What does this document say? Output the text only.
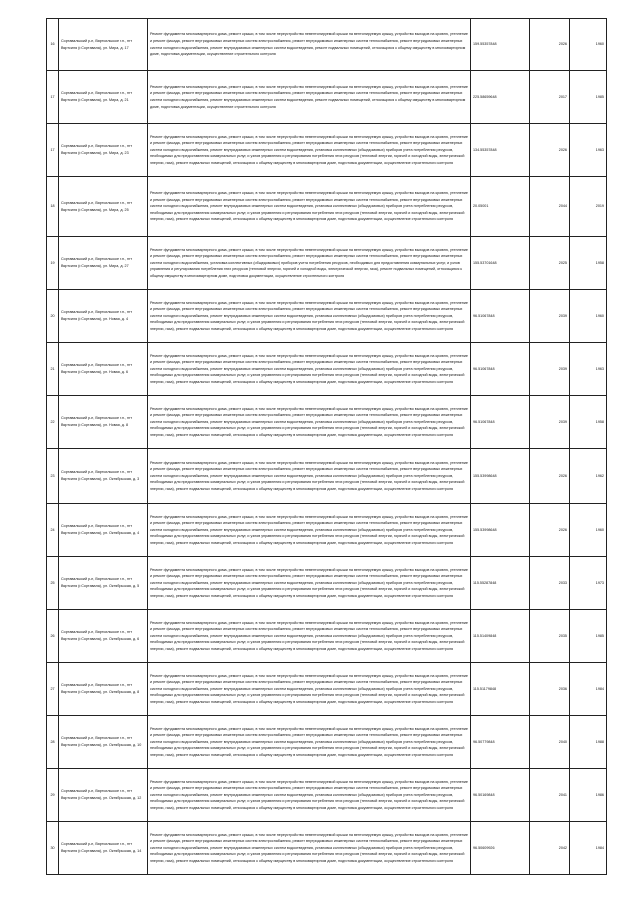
16	Сортавальский р-н, Вяртсильское г.п., пгт Вяртсиля (г.Сортавала), ул. Мира, д. 17	Ремонт фундамента многоквартирного дома, ремонт крыши, в том числе переустройство невентилируемой крыши на вентилируемую крышу, устройство выходов на кровлю, утепление и ремонт фасада, ремонт внутридомовых инженерных систем электроснабжения, ремонт внутридомовых инженерных систем теплоснабжения, ремонт внутридомовых инженерных систем холодного водоснабжения, ремонт внутридомовых инженерных систем водоотведения, ремонт подвальных помещений, относящихся к общему имуществу в многоквартирном доме, подготовка документации, осуществление строительного контроля	159.55357848	2026	1960
17	Сортавальский р-н, Вяртсильское г.п., пгт Вяртсиля (г.Сортавала), ул. Мира, д. 21	Ремонт фундамента многоквартирного дома, ремонт крыши, в том числе переустройство невентилируемой крыши на вентилируемую крышу, устройство выходов на кровлю, утепление и ремонт фасада, ремонт внутридомовых инженерных систем электроснабжения, ремонт внутридомовых инженерных систем теплоснабжения, ремонт внутридомовых инженерных систем холодного водоснабжения, ремонт внутридомовых инженерных систем водоотведения, ремонт подвальных помещений, относящихся к общему имуществу в многоквартирном доме, подготовка документации, осуществление строительного контроля	225.58659648	2017	1985
17	Сортавальский р-н, Вяртсильское г.п., пгт Вяртсиля (г.Сортавала), ул. Мира, д. 23	Ремонт фундамента многоквартирного дома, ремонт крыши, в том числе переустройство невентилируемой крыши на вентилируемую крышу, устройство выходов на кровлю, утепление и ремонт фасада, ремонт внутридомовых инженерных систем электроснабжения, ремонт внутридомовых инженерных систем теплоснабжения, ремонт внутридомовых инженерных систем холодного водоснабжения, ремонт внутридомовых инженерных систем водоотведения, установка коллективных (общедомовых) приборов учета потребления ресурсов, необходимых для предоставления коммунальных услуг, и узлов управления и регулирования потребления этих ресурсов (тепловой энергии, горячей и холодной воды, электрической энергии, газа), ремонт подвальных помещений, относящихся к общему имуществу в многоквартирном доме, подготовка документации, осуществление строительного контроля	134.55357848	2026	1963
18	Сортавальский р-н, Вяртсильское г.п., пгт Вяртсиля (г.Сортавала), ул. Мира, д. 25	Ремонт фундамента многоквартирного дома, ремонт крыши, в том числе переустройство невентилируемой крыши на вентилируемую крышу, устройство выходов на кровлю, утепление и ремонт фасада, ремонт внутридомовых инженерных систем электроснабжения, ремонт внутридомовых инженерных систем теплоснабжения, ремонт внутридомовых инженерных систем холодного водоснабжения, ремонт внутридомовых инженерных систем водоотведения, установка коллективных (общедомовых) приборов учета потребления ресурсов, необходимых для предоставления коммунальных услуг, и узлов управления и регулирования потребления этих ресурсов (тепловой энергии, горячей и холодной воды, электрической энергии, газа), ремонт подвальных помещений, относящихся к общему имуществу в многоквартирном доме, подготовка документации, осуществление строительного контроля	20.05001	2044	2019
19	Сортавальский р-н, Вяртсильское г.п., пгт Вяртсиля (г.Сортавала), ул. Мира, д. 27	Ремонт фундамента многоквартирного дома, ремонт крыши, в том числе переустройство невентилируемой крыши на вентилируемую крышу, устройство выходов на кровлю, утепление и ремонт фасада, ремонт внутридомовых инженерных систем электроснабжения, ремонт внутридомовых инженерных систем теплоснабжения, ремонт внутридомовых инженерных систем холодного водоснабжения, установка коллективных (общедомовых) приборов учета потребления ресурсов, необходимых для предоставления коммунальных услуг, и узлов управления и регулирования потребления этих ресурсов (тепловой энергии, горячей и холодной воды, электрической энергии, газа), ремонт подвальных помещений, относящихся к общему имуществу в многоквартирном доме, подготовка документации, осуществление строительного контроля	155.53701648	2025	1958
20	Сортавальский р-н, Вяртсильское г.п., пгт Вяртсиля (г.Сортавала), ул. Новая, д. 4	Ремонт фундамента многоквартирного дома, ремонт крыши, в том числе переустройство невентилируемой крыши на вентилируемую крышу, устройство выходов на кровлю, утепление и ремонт фасада, ремонт внутридомовых инженерных систем электроснабжения, ремонт внутридомовых инженерных систем теплоснабжения, ремонт внутридомовых инженерных систем холодного водоснабжения, ремонт внутридомовых инженерных систем водоотведения, установка коллективных (общедомовых) приборов учета потребления ресурсов, необходимых для предоставления коммунальных услуг, и узлов управления и регулирования потребления этих ресурсов (тепловой энергии, горячей и холодной воды, электрической энергии, газа), ремонт подвальных помещений, относящихся к общему имуществу в многоквартирном доме, подготовка документации, осуществление строительного контроля	96.51067848	2039	1960
21	Сортавальский р-н, Вяртсильское г.п., пгт Вяртсиля (г.Сортавала), ул. Новая, д. 6	Ремонт фундамента многоквартирного дома, ремонт крыши, в том числе переустройство невентилируемой крыши на вентилируемую крышу, устройство выходов на кровлю, утепление и ремонт фасада, ремонт внутридомовых инженерных систем электроснабжения, ремонт внутридомовых инженерных систем теплоснабжения, ремонт внутридомовых инженерных систем холодного водоснабжения, ремонт внутридомовых инженерных систем водоотведения, установка коллективных (общедомовых) приборов учета потребления ресурсов, необходимых для предоставления коммунальных услуг, и узлов управления и регулирования потребления этих ресурсов (тепловой энергии, горячей и холодной воды, электрической энергии, газа), ремонт подвальных помещений, относящихся к общему имуществу в многоквартирном доме, подготовка документации, осуществление строительного контроля	96.51067848	2039	1963
22	Сортавальский р-н, Вяртсильское г.п., пгт Вяртсиля (г.Сортавала), ул. Новая, д. 8	Ремонт фундамента многоквартирного дома, ремонт крыши, в том числе переустройство невентилируемой крыши на вентилируемую крышу, устройство выходов на кровлю, утепление и ремонт фасада, ремонт внутридомовых инженерных систем электроснабжения, ремонт внутридомовых инженерных систем теплоснабжения, ремонт внутридомовых инженерных систем холодного водоснабжения, ремонт внутридомовых инженерных систем водоотведения, установка коллективных (общедомовых) приборов учета потребления ресурсов, необходимых для предоставления коммунальных услуг, и узлов управления и регулирования потребления этих ресурсов (тепловой энергии, горячей и холодной воды, электрической энергии, газа), ремонт подвальных помещений, относящихся к общему имуществу в многоквартирном доме, подготовка документации, осуществление строительного контроля	96.51067848	2039	1958
23	Сортавальский р-н, Вяртсильское г.п., пгт Вяртсиля (г.Сортавала), ул. Октябрьская, д. 3	Ремонт фундамента многоквартирного дома, ремонт крыши, в том числе переустройство невентилируемой крыши на вентилируемую крышу, устройство выходов на кровлю, утепление и ремонт фасада, ремонт внутридомовых инженерных систем электроснабжения, ремонт внутридомовых инженерных систем теплоснабжения, ремонт внутридомовых инженерных систем холодного водоснабжения, ремонт внутридомовых инженерных систем водоотведения, установка коллективных (общедомовых) приборов учета потребления ресурсов, необходимых для предоставления коммунальных услуг, и узлов управления и регулирования потребления этих ресурсов (тепловой энергии, горячей и холодной воды, электрической энергии, газа), ремонт подвальных помещений, относящихся к общему имуществу в многоквартирном доме, подготовка документации, осуществление строительного контроля	155.53998648	2026	1962
24	Сортавальский р-н, Вяртсильское г.п., пгт Вяртсиля (г.Сортавала), ул. Октябрьская, д. 4	Ремонт фундамента многоквартирного дома, ремонт крыши, в том числе переустройство невентилируемой крыши на вентилируемую крышу, устройство выходов на кровлю, утепление и ремонт фасада, ремонт внутридомовых инженерных систем электроснабжения, ремонт внутридомовых инженерных систем теплоснабжения, ремонт внутридомовых инженерных систем холодного водоснабжения, ремонт внутридомовых инженерных систем водоотведения, установка коллективных (общедомовых) приборов учета потребления ресурсов, необходимых для предоставления коммунальных услуг, и узлов управления и регулирования потребления этих ресурсов (тепловой энергии, горячей и холодной воды, электрической энергии, газа), ремонт подвальных помещений, относящихся к общему имуществу в многоквартирном доме, подготовка документации, осуществление строительного контроля	155.53998648	2026	1960
25	Сортавальский р-н, Вяртсильское г.п., пгт Вяртсиля (г.Сортавала), ул. Октябрьская, д. 5	Ремонт фундамента многоквартирного дома, ремонт крыши, в том числе переустройство невентилируемой крыши на вентилируемую крышу, устройство выходов на кровлю, утепление и ремонт фасада, ремонт внутридомовых инженерных систем электроснабжения, ремонт внутридомовых инженерных систем теплоснабжения, ремонт внутридомовых инженерных систем холодного водоснабжения, ремонт внутридомовых инженерных систем водоотведения, установка коллективных (общедомовых) приборов учета потребления ресурсов, необходимых для предоставления коммунальных услуг, и узлов управления и регулирования потребления этих ресурсов (тепловой энергии, горячей и холодной воды, электрической энергии, газа), ремонт подвальных помещений, относящихся к общему имуществу в многоквартирном доме, подготовка документации, осуществление строительного контроля	115.55287848	2033	1973
26	Сортавальский р-н, Вяртсильское г.п., пгт Вяртсиля (г.Сортавала), ул. Октябрьская, д. 6	Ремонт фундамента многоквартирного дома, ремонт крыши, в том числе переустройство невентилируемой крыши на вентилируемую крышу, устройство выходов на кровлю, утепление и ремонт фасада, ремонт внутридомовых инженерных систем электроснабжения, ремонт внутридомовых инженерных систем теплоснабжения, ремонт внутридомовых инженерных систем холодного водоснабжения, ремонт внутридомовых инженерных систем водоотведения, установка коллективных (общедомовых) приборов учета потребления ресурсов, необходимых для предоставления коммунальных услуг, и узлов управления и регулирования потребления этих ресурсов (тепловой энергии, горячей и холодной воды, электрической энергии, газа), ремонт подвальных помещений, относящихся к общему имуществу в многоквартирном доме, подготовка документации, осуществление строительного контроля	115.51409848	2035	1985
27	Сортавальский р-н, Вяртсильское г.п., пгт Вяртсиля (г.Сортавала), ул. Октябрьская, д. 8	Ремонт фундамента многоквартирного дома, ремонт крыши, в том числе переустройство невентилируемой крыши на вентилируемую крышу, устройство выходов на кровлю, утепление и ремонт фасада, ремонт внутридомовых инженерных систем электроснабжения, ремонт внутридомовых инженерных систем теплоснабжения, ремонт внутридомовых инженерных систем холодного водоснабжения, ремонт внутридомовых инженерных систем водоотведения, установка коллективных (общедомовых) приборов учета потребления ресурсов, необходимых для предоставления коммунальных услуг, и узлов управления и регулирования потребления этих ресурсов (тепловой энергии, горячей и холодной воды, электрической энергии, газа), ремонт подвальных помещений, относящихся к общему имуществу в многоквартирном доме, подготовка документации, осуществление строительного контроля	115.51179848	2036	1984
28	Сортавальский р-н, Вяртсильское г.п., пгт Вяртсиля (г.Сортавала), ул. Октябрьская, д. 10	Ремонт фундамента многоквартирного дома, ремонт крыши, в том числе переустройство невентилируемой крыши на вентилируемую крышу, устройство выходов на кровлю, утепление и ремонт фасада, ремонт внутридомовых инженерных систем электроснабжения, ремонт внутридомовых инженерных систем теплоснабжения, ремонт внутридомовых инженерных систем холодного водоснабжения, ремонт внутридомовых инженерных систем водоотведения, установка коллективных (общедомовых) приборов учета потребления ресурсов, необходимых для предоставления коммунальных услуг, и узлов управления и регулирования потребления этих ресурсов (тепловой энергии, горячей и холодной воды, электрической энергии, газа), ремонт подвальных помещений, относящихся к общему имуществу в многоквартирном доме, подготовка документации, осуществление строительного контроля	96.50779848	2040	1988
29	Сортавальский р-н, Вяртсильское г.п., пгт Вяртсиля (г.Сортавала), ул. Октябрьская, д. 12	Ремонт фундамента многоквартирного дома, ремонт крыши, в том числе переустройство невентилируемой крыши на вентилируемую крышу, устройство выходов на кровлю, утепление и ремонт фасада, ремонт внутридомовых инженерных систем электроснабжения, ремонт внутридомовых инженерных систем теплоснабжения, ремонт внутридомовых инженерных систем холодного водоснабжения, ремонт внутридомовых инженерных систем водоотведения, установка коллективных (общедомовых) приборов учета потребления ресурсов, необходимых для предоставления коммунальных услуг, и узлов управления и регулирования потребления этих ресурсов (тепловой энергии, горячей и холодной воды, электрической энергии, газа), ремонт подвальных помещений, относящихся к общему имуществу в многоквартирном доме, подготовка документации, осуществление строительного контроля	96.50169848	2041	1986
30	Сортавальский р-н, Вяртсильское г.п., пгт Вяртсиля (г.Сортавала), ул. Октябрьская, д. 14	Ремонт фундамента многоквартирного дома, ремонт крыши, в том числе переустройство невентилируемой крыши на вентилируемую крышу, устройство выходов на кровлю, утепление и ремонт фасада, ремонт внутридомовых инженерных систем электроснабжения, ремонт внутридомовых инженерных систем теплоснабжения, ремонт внутридомовых инженерных систем холодного водоснабжения, ремонт внутридомовых инженерных систем водоотведения, установка коллективных (общедомовых) приборов учета потребления ресурсов, необходимых для предоставления коммунальных услуг, и узлов управления и регулирования потребления этих ресурсов (тепловой энергии, горячей и холодной воды, электрической энергии, газа), ремонт подвальных помещений, относящихся к общему имуществу в многоквартирном доме, подготовка документации, осуществление строительного контроля	96.50609926	2042	1984
